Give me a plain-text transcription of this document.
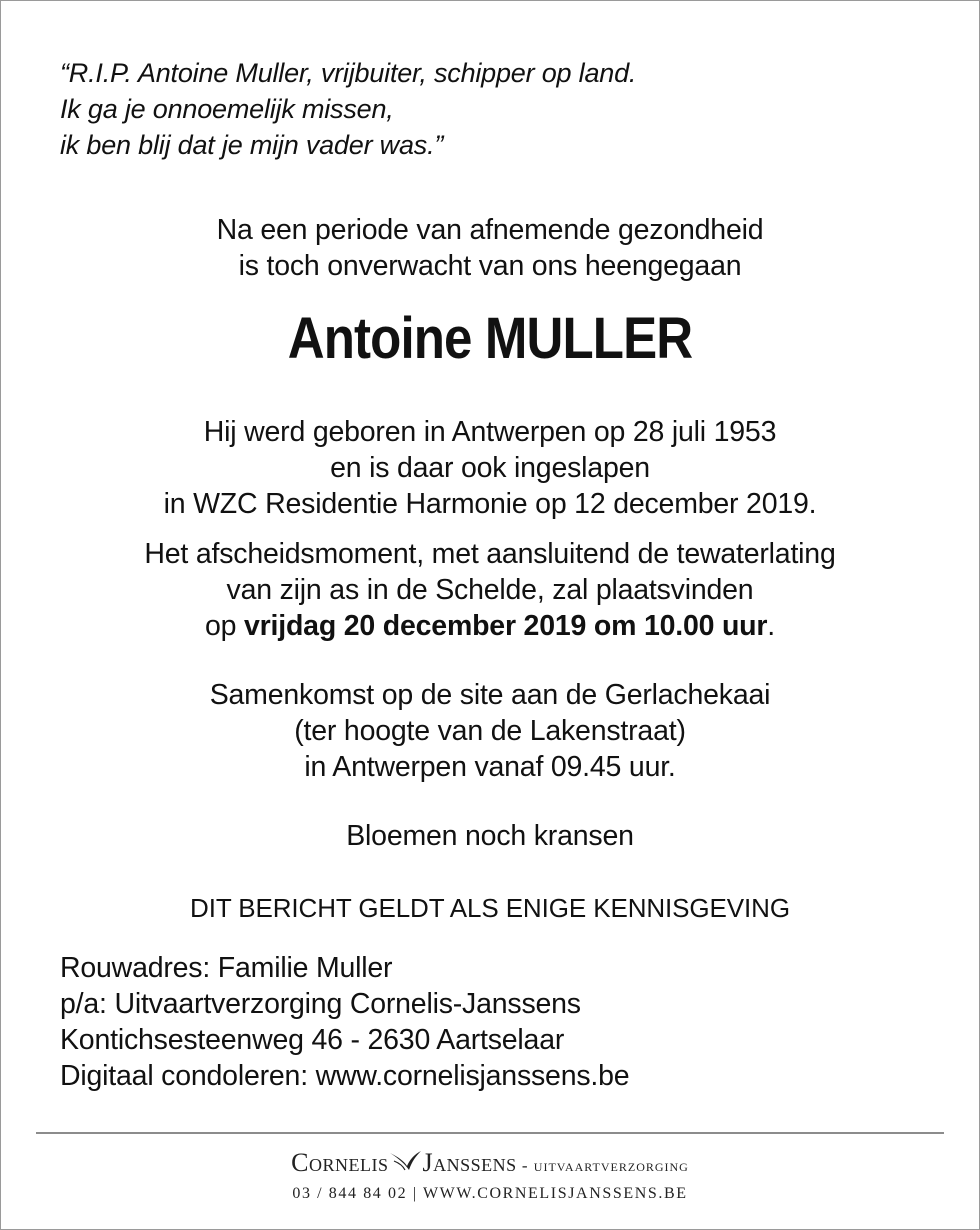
“R.I.P. Antoine Muller, vrijbuiter, schipper op land.
Ik ga je onnoemelijk missen,
ik ben blij dat je mijn vader was.”
Na een periode van afnemende gezondheid
is toch onverwacht van ons heengegaan
Antoine MULLER
Hij werd geboren in Antwerpen op 28 juli 1953
en is daar ook ingeslapen
in WZC Residentie Harmonie op 12 december 2019.
Het afscheidsmoment, met aansluitend de tewaterlating
van zijn as in de Schelde, zal plaatsvinden
op vrijdag 20 december 2019 om 10.00 uur.
Samenkomst op de site aan de Gerlachekaai
(ter hoogte van de Lakenstraat)
in Antwerpen vanaf 09.45 uur.
Bloemen noch kransen
DIT BERICHT GELDT ALS ENIGE KENNISGEVING
Rouwadres: Familie Muller
p/a: Uitvaartverzorging Cornelis-Janssens
Kontichsesteenweg 46 - 2630 Aartselaar
Digitaal condoleren: www.cornelisjanssens.be
Cornelis Janssens - uitvaartverzorging
03 / 844 84 02 | WWW.CORNELISJANSSENS.BE
